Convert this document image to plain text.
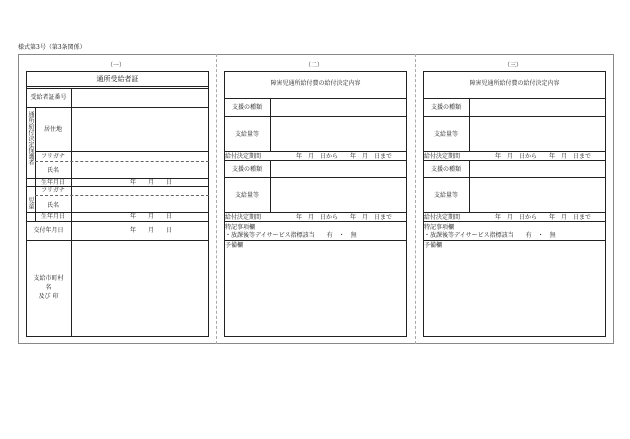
様式第3号（第3条関係）
（一）	（二）	（三）
通所受給者証
受給者証番号
通所給付決定保護者	居住地
フリガナ
氏名
生年月日	年　　月　　日
児童
フリガナ
氏名
生年月日	年　　月　　日
交付年月日	年　　月　　日
支給市町村
名
及び 印
障害児通所給付費の給付決定内容
支援の種類
支給量等
給付決定期間	年　月　日から　　年　月　日まで
支援の種類
支給量等
給付決定期間	年　月　日から　　年　月　日まで
特記事項欄
・放課後等デイサービス指標該当　　有　・　無
予備欄
障害児通所給付費の給付決定内容
支援の種類
支給量等
給付決定期間	年　月　日から　　年　月　日まで
支援の種類
支給量等
給付決定期間	年　月　日から　　年　月　日まで
特記事項欄
・放課後等デイサービス指標該当　　有　・　無
予備欄
